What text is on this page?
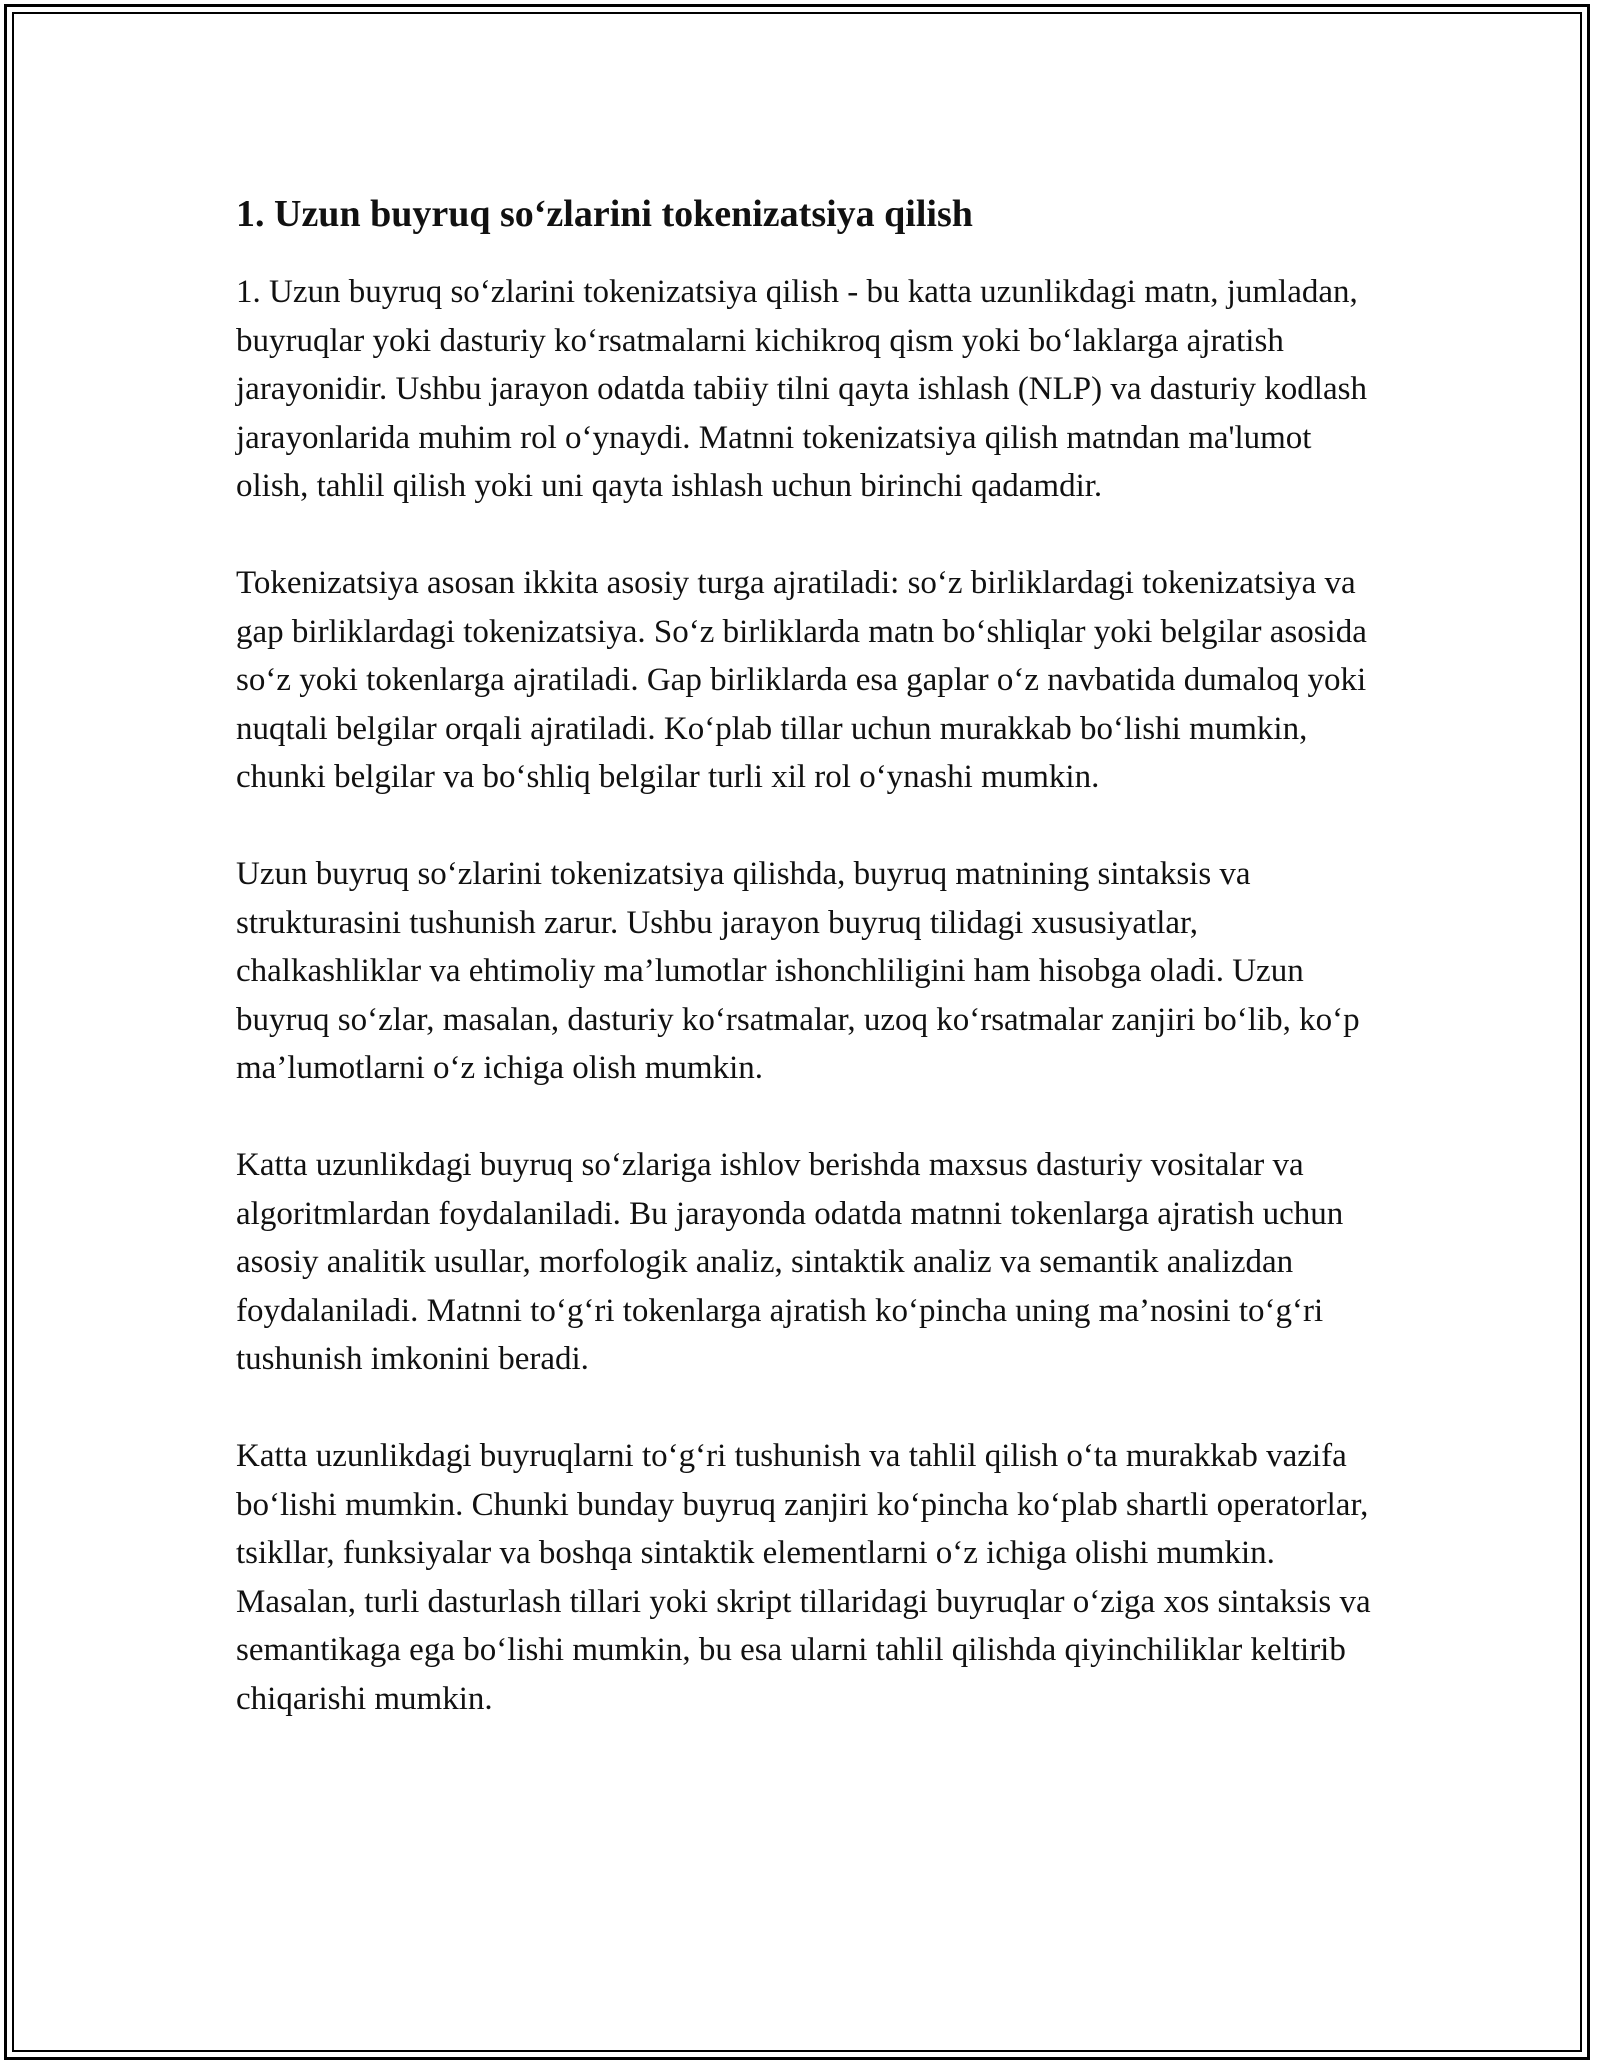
1. Uzun buyruq so‘zlarini tokenizatsiya qilish

1. Uzun buyruq so‘zlarini tokenizatsiya qilish - bu katta uzunlikdagi matn, jumladan, buyruqlar yoki dasturiy ko‘rsatmalarni kichikroq qism yoki bo‘laklarga ajratish jarayonidir. Ushbu jarayon odatda tabiiy tilni qayta ishlash (NLP) va dasturiy kodlash jarayonlarida muhim rol o‘ynaydi. Matnni tokenizatsiya qilish matndan ma'lumot olish, tahlil qilish yoki uni qayta ishlash uchun birinchi qadamdir.

Tokenizatsiya asosan ikkita asosiy turga ajratiladi: so‘z birliklardagi tokenizatsiya va gap birliklardagi tokenizatsiya. So‘z birliklarda matn bo‘shliqlar yoki belgilar asosida so‘z yoki tokenlarga ajratiladi. Gap birliklarda esa gaplar o‘z navbatida dumaloq yoki nuqtali belgilar orqali ajratiladi. Ko‘plab tillar uchun murakkab bo‘lishi mumkin, chunki belgilar va bo‘shliq belgilar turli xil rol o‘ynashi mumkin.

Uzun buyruq so‘zlarini tokenizatsiya qilishda, buyruq matnining sintaksis va strukturasini tushunish zarur. Ushbu jarayon buyruq tilidagi xususiyatlar, chalkashliklar va ehtimoliy ma’lumotlar ishonchliligini ham hisobga oladi. Uzun buyruq so‘zlar, masalan, dasturiy ko‘rsatmalar, uzoq ko‘rsatmalar zanjiri bo‘lib, ko‘p ma’lumotlarni o‘z ichiga olish mumkin.

Katta uzunlikdagi buyruq so‘zlariga ishlov berishda maxsus dasturiy vositalar va algoritmlardan foydalaniladi. Bu jarayonda odatda matnni tokenlarga ajratish uchun asosiy analitik usullar, morfologik analiz, sintaktik analiz va semantik analizdan foydalaniladi. Matnni to‘g‘ri tokenlarga ajratish ko‘pincha uning ma’nosini to‘g‘ri tushunish imkonini beradi.

Katta uzunlikdagi buyruqlarni to‘g‘ri tushunish va tahlil qilish o‘ta murakkab vazifa bo‘lishi mumkin. Chunki bunday buyruq zanjiri ko‘pincha ko‘plab shartli operatorlar, tsikllar, funksiyalar va boshqa sintaktik elementlarni o‘z ichiga olishi mumkin. Masalan, turli dasturlash tillari yoki skript tillaridagi buyruqlar o‘ziga xos sintaksis va semantikaga ega bo‘lishi mumkin, bu esa ularni tahlil qilishda qiyinchiliklar keltirib chiqarishi mumkin.
